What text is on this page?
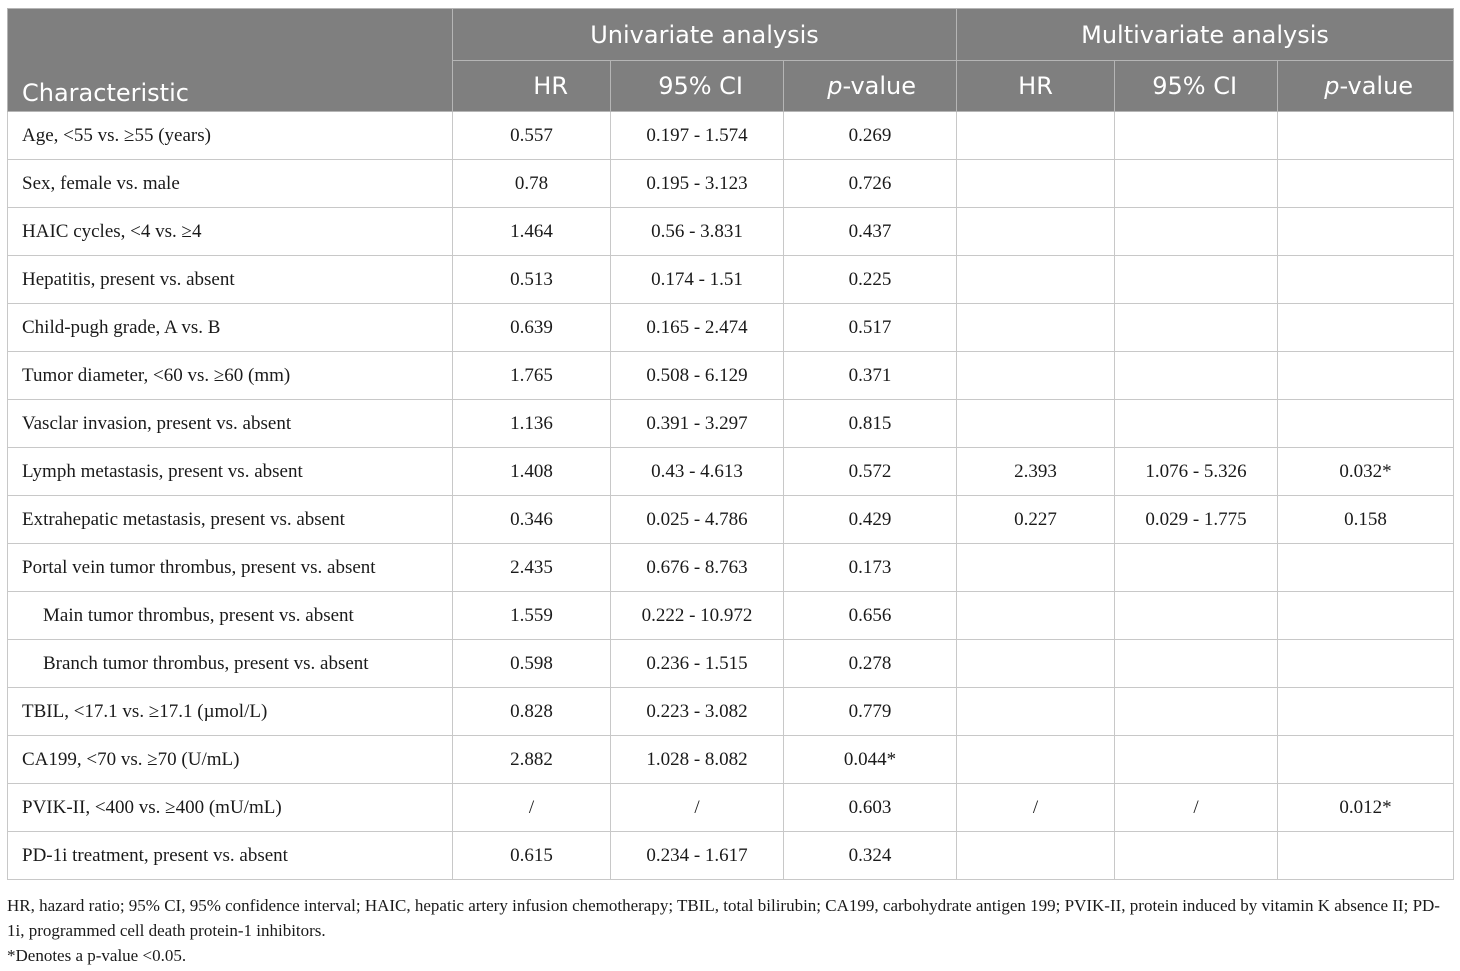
Characteristic	Univariate analysis			Multivariate analysis		
	HR	95% CI	p-value	HR	95% CI	p-value
Age, <55 vs. ≥55 (years)	0.557	0.197 - 1.574	0.269			
Sex, female vs. male	0.78	0.195 - 3.123	0.726			
HAIC cycles, <4 vs. ≥4	1.464	0.56 - 3.831	0.437			
Hepatitis, present vs. absent	0.513	0.174 - 1.51	0.225			
Child-pugh grade, A vs. B	0.639	0.165 - 2.474	0.517			
Tumor diameter, <60 vs. ≥60 (mm)	1.765	0.508 - 6.129	0.371			
Vasclar invasion, present vs. absent	1.136	0.391 - 3.297	0.815			
Lymph metastasis, present vs. absent	1.408	0.43 - 4.613	0.572	2.393	1.076 - 5.326	0.032*
Extrahepatic metastasis, present vs. absent	0.346	0.025 - 4.786	0.429	0.227	0.029 - 1.775	0.158
Portal vein tumor thrombus, present vs. absent	2.435	0.676 - 8.763	0.173			
Main tumor thrombus, present vs. absent	1.559	0.222 - 10.972	0.656			
Branch tumor thrombus, present vs. absent	0.598	0.236 - 1.515	0.278			
TBIL, <17.1 vs. ≥17.1 (µmol/L)	0.828	0.223 - 3.082	0.779			
CA199, <70 vs. ≥70 (U/mL)	2.882	1.028 - 8.082	0.044*			
PVIK-II, <400 vs. ≥400 (mU/mL)	/	/	0.603	/	/	0.012*
PD-1i treatment, present vs. absent	0.615	0.234 - 1.617	0.324			

HR, hazard ratio; 95% CI, 95% confidence interval; HAIC, hepatic artery infusion chemotherapy; TBIL, total bilirubin; CA199, carbohydrate antigen 199; PVIK-II, protein induced by vitamin K absence II; PD-1i, programmed cell death protein-1 inhibitors.

*Denotes a p-value <0.05.
